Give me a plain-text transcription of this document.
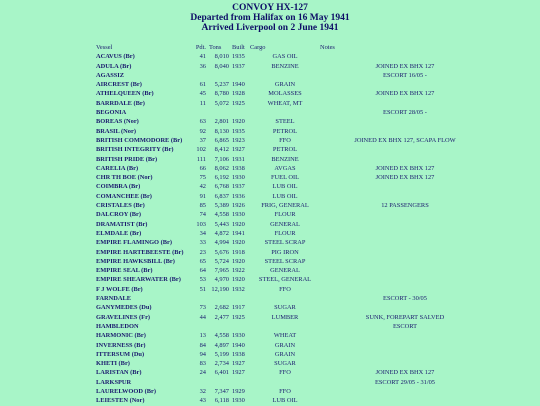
CONVOY HX-127
Departed from Halifax on 16 May 1941
Arrived Liverpool on 2 June 1941
Vessel	Pdt.	Tons	Built	Cargo	Notes
ACAVUS (Br)	41	8,010	1935	GAS OIL	
ADULA (Br)	36	8,040	1937	BENZINE	JOINED EX BHX 127
AGASSIZ					ESCORT 16/05 -
AIRCREST (Br)	61	5,237	1940	GRAIN	
ATHELQUEEN (Br)	45	8,780	1928	MOLASSES	JOINED EX BHX 127
BARRDALE (Br)	11	5,072	1925	WHEAT, MT	
BEGONIA					ESCORT 28/05 -
BOREAS (Nor)	63	2,801	1920	STEEL	
BRASIL (Nor)	92	8,130	1935	PETROL	
BRITISH COMMODORE (Br)	37	6,865	1923	FFO	JOINED EX BHX 127, SCAPA FLOW
BRITISH INTEGRITY (Br)	102	8,412	1927	PETROL	
BRITISH PRIDE (Br)	111	7,106	1931	BENZINE	
CARELIA (Br)	66	8,062	1938	AVGAS	JOINED EX BHX 127
CHR TH BOE (Nor)	75	6,192	1930	FUEL OIL	JOINED EX BHX 127
COIMBRA (Br)	42	6,768	1937	LUB OIL	
COMANCHEE (Br)	91	6,837	1936	LUB OIL	
CRISTALES (Br)	85	5,389	1926	FRIG, GENERAL	12 PASSENGERS
DALCROY (Br)	74	4,558	1930	FLOUR	
DRAMATIST (Br)	103	5,443	1920	GENERAL	
ELMDALE (Br)	34	4,872	1941	FLOUR	
EMPIRE FLAMINGO (Br)	33	4,994	1920	STEEL SCRAP	
EMPIRE HARTEBEESTE (Br)	23	5,676	1918	PIG IRON	
EMPIRE HAWKSBILL (Br)	65	5,724	1920	STEEL SCRAP	
EMPIRE SEAL (Br)	64	7,965	1922	GENERAL	
EMPIRE SHEARWATER (Br)	53	4,970	1920	STEEL, GENERAL	
F J WOLFE (Br)	51	12,190	1932	FFO	
FARNDALE					ESCORT - 30/05
GANYMEDES (Du)	73	2,682	1917	SUGAR	
GRAVELINES (Fr)	44	2,477	1925	LUMBER	SUNK, FOREPART SALVED
HAMBLEDON					ESCORT
HARMONIC (Br)	13	4,558	1930	WHEAT	
INVERNESS (Br)	84	4,897	1940	GRAIN	
ITTERSUM (Du)	94	5,199	1938	GRAIN	
KHETI (Br)	83	2,734	1927	SUGAR	
LARISTAN (Br)	24	6,401	1927	FFO	JOINED EX BHX 127
LARKSPUR					ESCORT 29/05 - 31/05
LAURELWOOD (Br)	32	7,347	1929	FFO	
LEIESTEN (Nor)	43	6,118	1930	LUB OIL	
